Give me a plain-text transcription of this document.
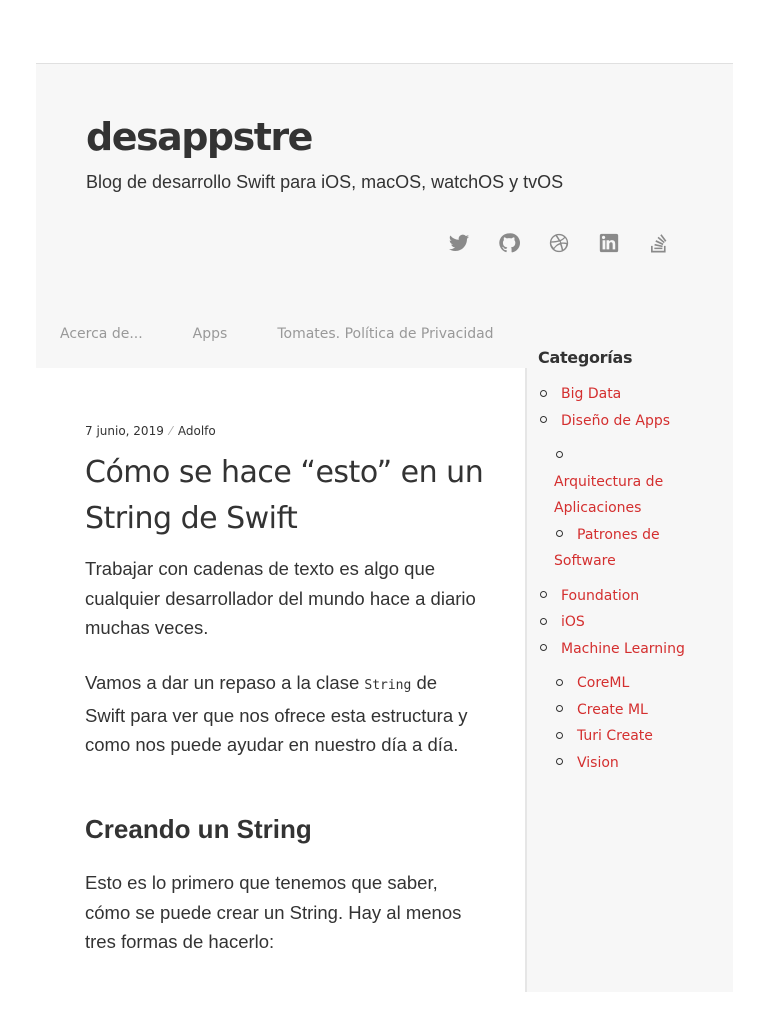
desappstre

Blog de desarrollo Swift para iOS, macOS, watchOS y tvOS

Acerca de...	Apps	Tomates. Política de Privacidad
7 junio, 2019 ⁄ Adolfo
Cómo se hace “esto” en un String de Swift

Trabajar con cadenas de texto es algo que cualquier desarrollador del mundo hace a diario muchas veces.

Vamos a dar un repaso a la clase String de Swift para ver que nos ofrece esta estructura y como nos puede ayudar en nuestro día a día.

Creando un String

Esto es lo primero que tenemos que saber, cómo se puede crear un String. Hay al menos tres formas de hacerlo:

Categorías
Big Data
Diseño de Apps

Arquitectura de Aplicaciones
Patrones de Software
Foundation
iOS
Machine Learning
CoreML
Create ML
Turi Create
Vision
